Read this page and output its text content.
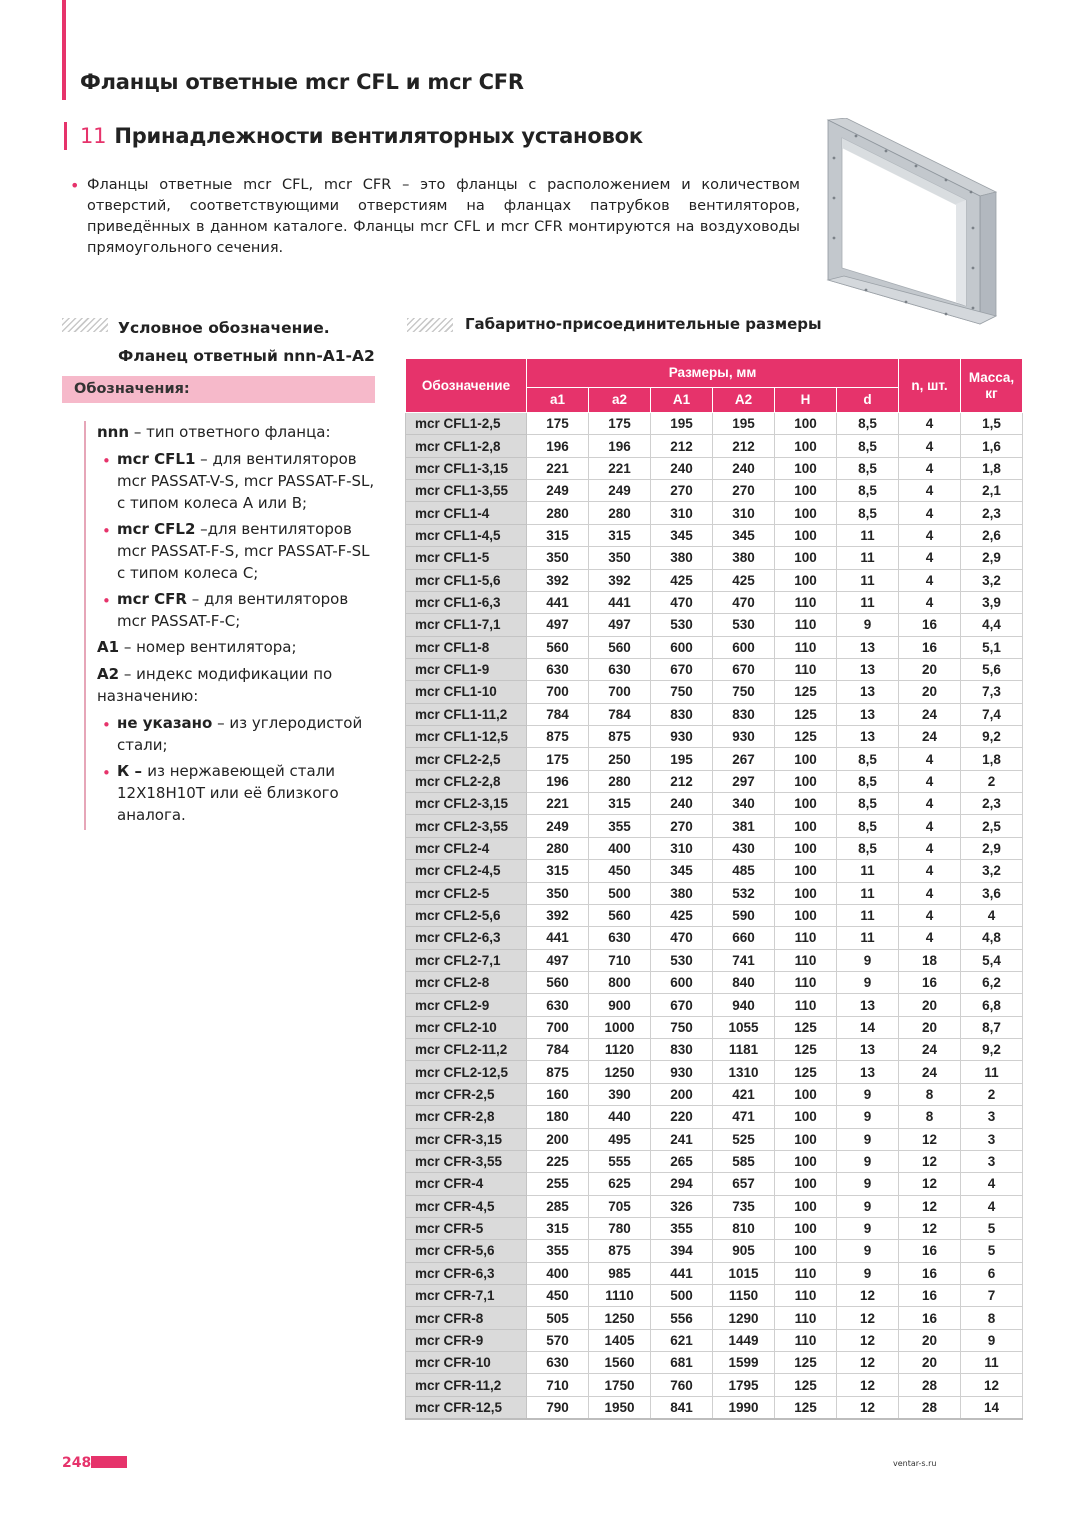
Фланцы ответные mcr CFL и mcr CFR
11 Принадлежности вентиляторных установок
• Фланцы ответные mcr CFL, mcr CFR – это фланцы с расположением и количеством отверстий, соответствующими отверстиям на фланцах патрубков вентиляторов, приведённых в данном каталоге. Фланцы mcr CFL и mcr CFR монтируются на воздуховоды прямоугольного сечения.

Условное обозначение.
Фланец ответный nnn-А1-А2
Габаритно-присоединительные размеры
Обозначения:
nnn – тип ответного фланца:
• mcr CFL1 – для вентиляторов mcr PASSAT-V-S, mcr PASSAT-F-SL, с типом колеса A или B;
• mcr CFL2 –для вентиляторов mcr PASSAT-F-S, mcr PASSAT-F-SL с типом колеса C;
• mcr CFR – для вентиляторов mcr PASSAT-F-C;
А1 – номер вентилятора;
А2 – индекс модификации по назначению:
• не указано – из углеродистой стали;
• К – из нержавеющей стали 12Х18Н10Т или её близкого аналога.
Обозначение	Размеры, мм						n, шт.	Масса, кг
	a1	a2	A1	A2	H	d		
mcr CFL1-2,5	175	175	195	195	100	8,5	4	1,5
mcr CFL1-2,8	196	196	212	212	100	8,5	4	1,6
mcr CFL1-3,15	221	221	240	240	100	8,5	4	1,8
mcr CFL1-3,55	249	249	270	270	100	8,5	4	2,1
mcr CFL1-4	280	280	310	310	100	8,5	4	2,3
mcr CFL1-4,5	315	315	345	345	100	11	4	2,6
mcr CFL1-5	350	350	380	380	100	11	4	2,9
mcr CFL1-5,6	392	392	425	425	100	11	4	3,2
mcr CFL1-6,3	441	441	470	470	110	11	4	3,9
mcr CFL1-7,1	497	497	530	530	110	9	16	4,4
mcr CFL1-8	560	560	600	600	110	13	16	5,1
mcr CFL1-9	630	630	670	670	110	13	20	5,6
mcr CFL1-10	700	700	750	750	125	13	20	7,3
mcr CFL1-11,2	784	784	830	830	125	13	24	7,4
mcr CFL1-12,5	875	875	930	930	125	13	24	9,2
mcr CFL2-2,5	175	250	195	267	100	8,5	4	1,8
mcr CFL2-2,8	196	280	212	297	100	8,5	4	2
mcr CFL2-3,15	221	315	240	340	100	8,5	4	2,3
mcr CFL2-3,55	249	355	270	381	100	8,5	4	2,5
mcr CFL2-4	280	400	310	430	100	8,5	4	2,9
mcr CFL2-4,5	315	450	345	485	100	11	4	3,2
mcr CFL2-5	350	500	380	532	100	11	4	3,6
mcr CFL2-5,6	392	560	425	590	100	11	4	4
mcr CFL2-6,3	441	630	470	660	110	11	4	4,8
mcr CFL2-7,1	497	710	530	741	110	9	18	5,4
mcr CFL2-8	560	800	600	840	110	9	16	6,2
mcr CFL2-9	630	900	670	940	110	13	20	6,8
mcr CFL2-10	700	1000	750	1055	125	14	20	8,7
mcr CFL2-11,2	784	1120	830	1181	125	13	24	9,2
mcr CFL2-12,5	875	1250	930	1310	125	13	24	11
mcr CFR-2,5	160	390	200	421	100	9	8	2
mcr CFR-2,8	180	440	220	471	100	9	8	3
mcr CFR-3,15	200	495	241	525	100	9	12	3
mcr CFR-3,55	225	555	265	585	100	9	12	3
mcr CFR-4	255	625	294	657	100	9	12	4
mcr CFR-4,5	285	705	326	735	100	9	12	4
mcr CFR-5	315	780	355	810	100	9	12	5
mcr CFR-5,6	355	875	394	905	100	9	16	5
mcr CFR-6,3	400	985	441	1015	110	9	16	6
mcr CFR-7,1	450	1110	500	1150	110	12	16	7
mcr CFR-8	505	1250	556	1290	110	12	16	8
mcr CFR-9	570	1405	621	1449	110	12	20	9
mcr CFR-10	630	1560	681	1599	125	12	20	11
mcr CFR-11,2	710	1750	760	1795	125	12	28	12
mcr CFR-12,5	790	1950	841	1990	125	12	28	14
248	ventar-s.ru
